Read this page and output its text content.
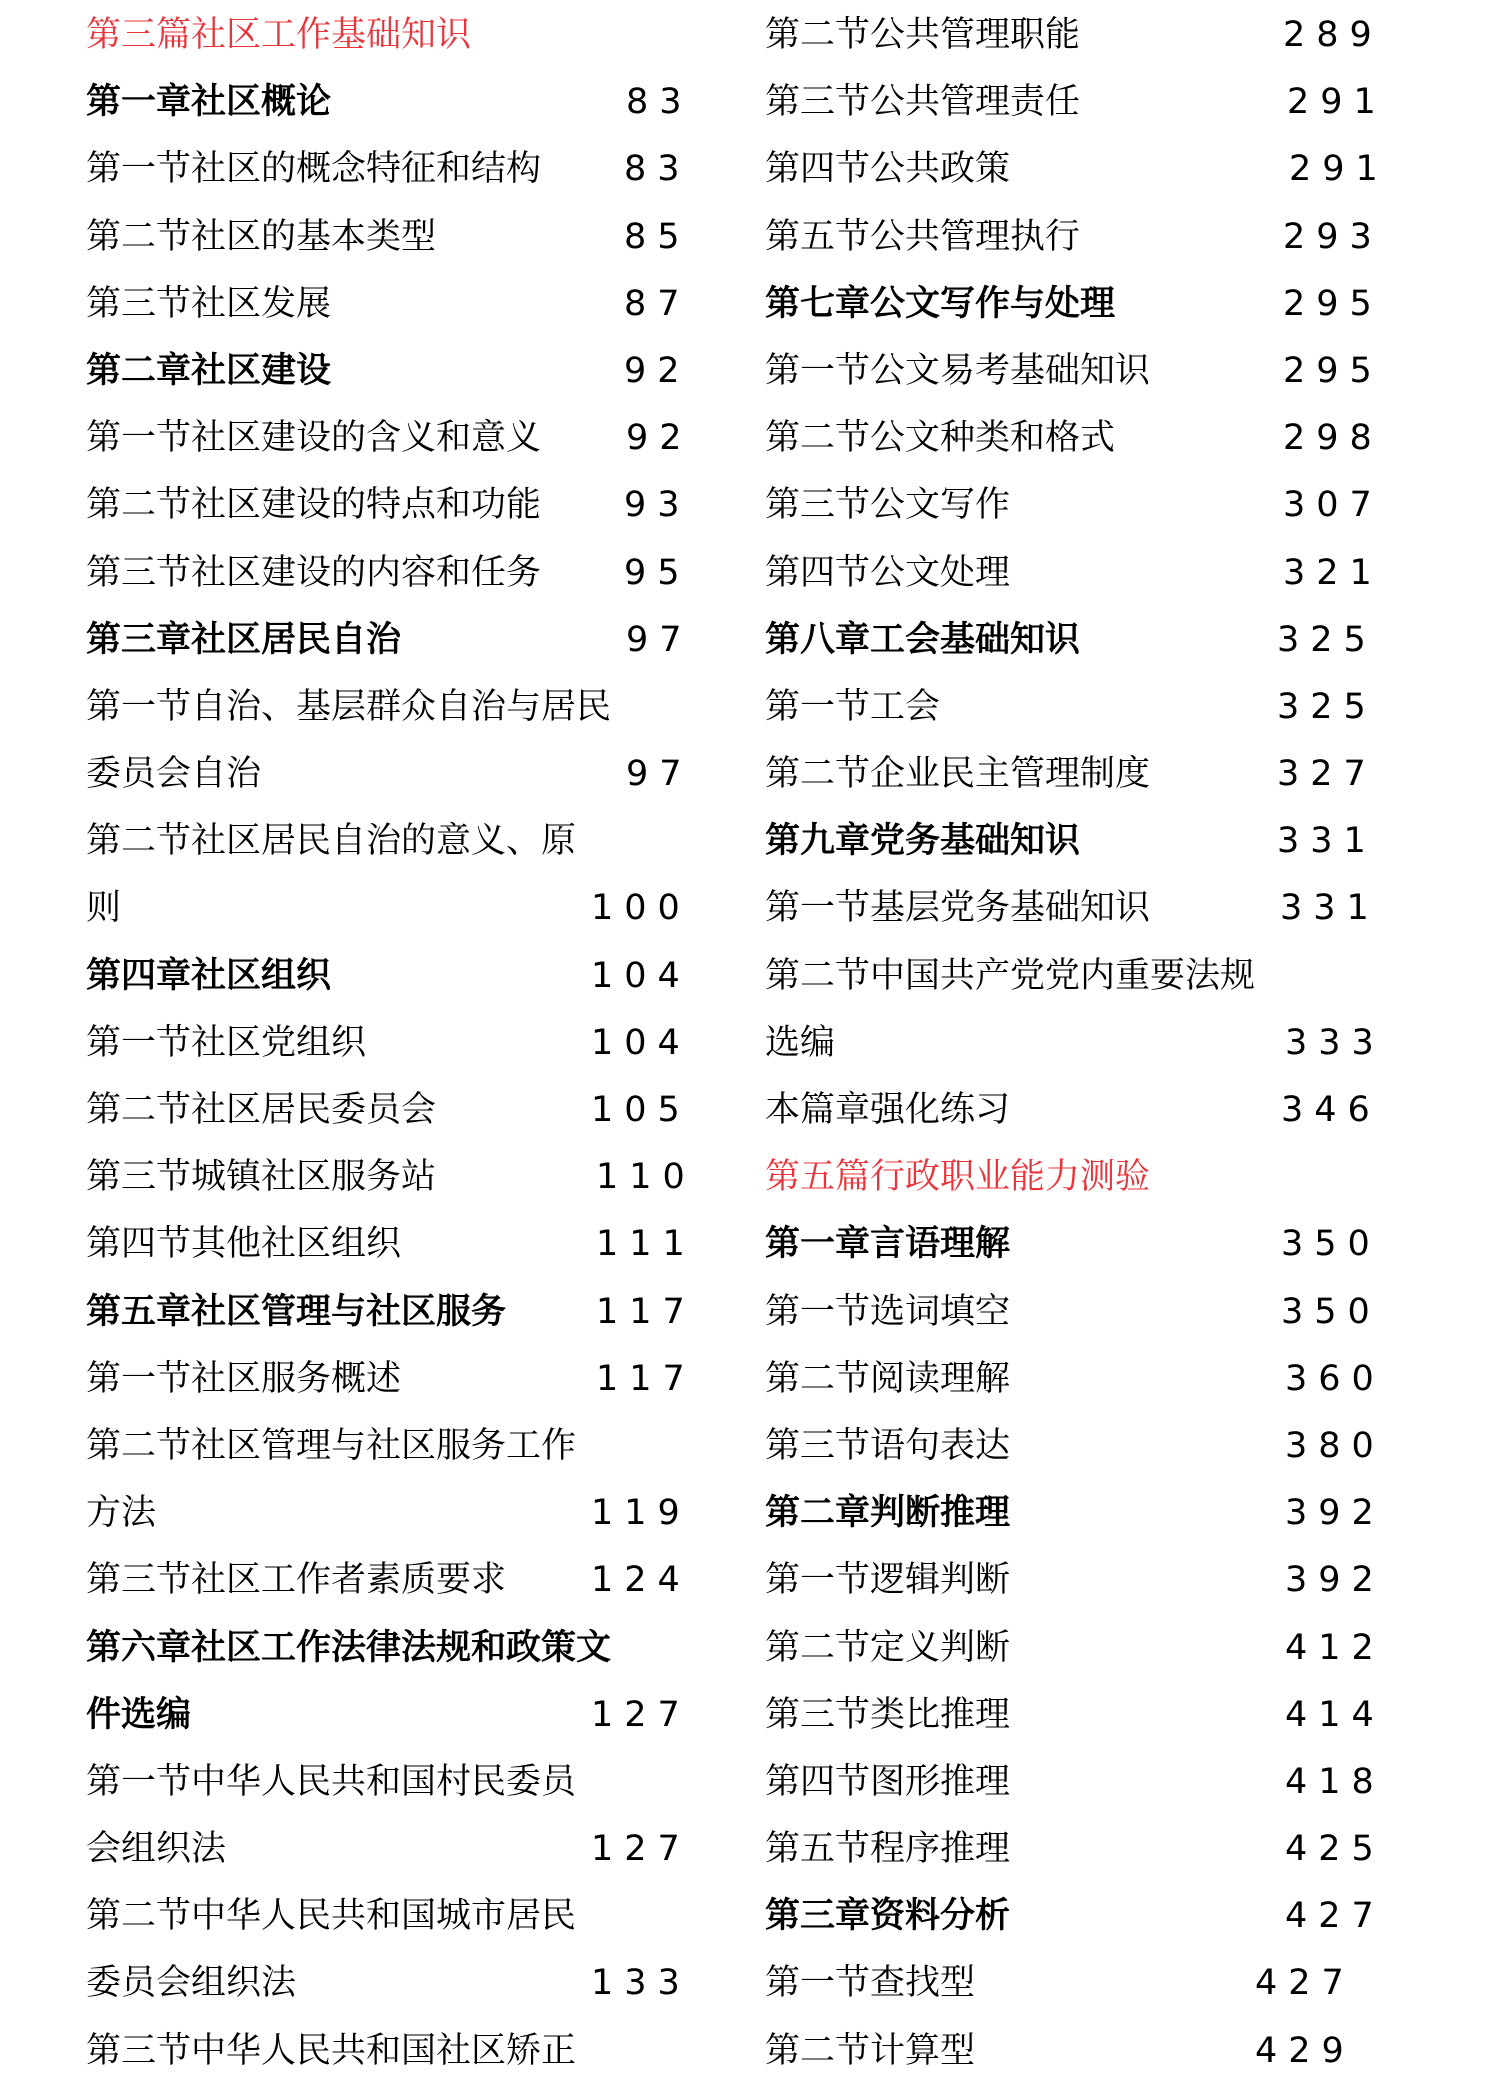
第三篇社区工作基础知识
第一章社区概论	83
第一节社区的概念特征和结构 83
第二节社区的基本类型	85
第三节社区发展	87
第二章社区建设	92
第一节社区建设的含义和意义 92
第二节社区建设的特点和功能 93
第三节社区建设的内容和任务 95
第三章社区居民自治	97
第一节自治、基层群众自治与居民
委员会自治	97
第二节社区居民自治的意义、原
则	100
第四章社区组织	104
第一节社区党组织	104
第二节社区居民委员会	105
第三节城镇社区服务站	110
第四节其他社区组织	111
第五章社区管理与社区服务	117
第一节社区服务概述	117
第二节社区管理与社区服务工作
方法	119
第三节社区工作者素质要求 124
第六章社区工作法律法规和政策文
件选编	127
第一节中华人民共和国村民委员
会组织法	127
第二节中华人民共和国城市居民
委员会组织法	133
第三节中华人民共和国社区矫正
第二节公共管理职能	289
第三节公共管理责任	291
第四节公共政策	291
第五节公共管理执行	293
第七章公文写作与处理	295
第一节公文易考基础知识	295
第二节公文种类和格式	298
第三节公文写作	307
第四节公文处理	321
第八章工会基础知识	325
第一节工会	325
第二节企业民主管理制度	327
第九章党务基础知识	331
第一节基层党务基础知识	331
第二节中国共产党党内重要法规
选编	333
本篇章强化练习	346
第五篇行政职业能力测验
第一章言语理解	350
第一节选词填空	350
第二节阅读理解	360
第三节语句表达	380
第二章判断推理	392
第一节逻辑判断	392
第二节定义判断	412
第三节类比推理	414
第四节图形推理	418
第五节程序推理	425
第三章资料分析	427
第一节查找型	427
第二节计算型	429
